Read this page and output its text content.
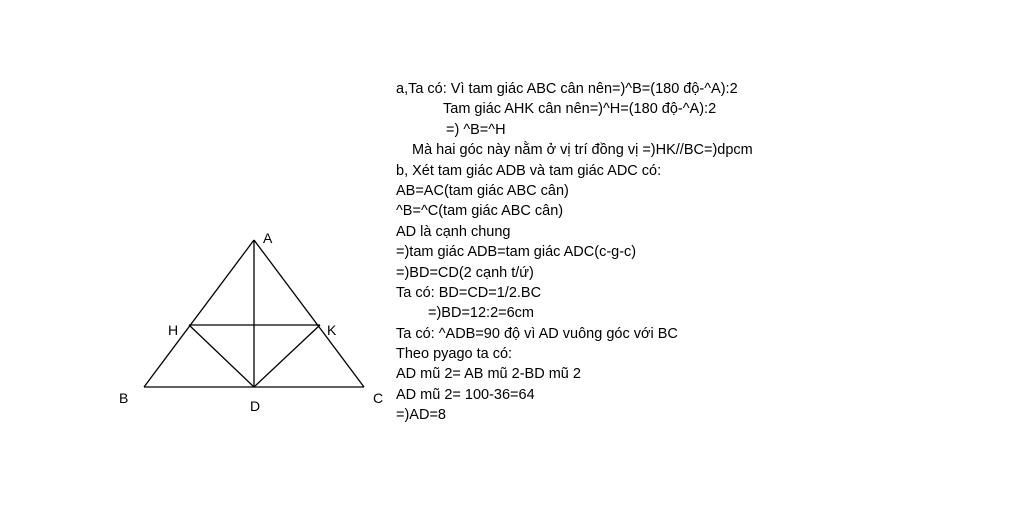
A
H	K
B	D	C
a,Ta có: Vì tam giác ABC cân nên=)^B=(180 độ-^A):2
Tam giác AHK cân nên=)^H=(180 độ-^A):2
=) ^B=^H
Mà hai góc này nằm ở vị trí đồng vị =)HK//BC=)dpcm
b, Xét tam giác ADB và tam giác ADC có:
AB=AC(tam giác ABC cân)
^B=^C(tam giác ABC cân)
AD là cạnh chung
=)tam giác ADB=tam giác ADC(c-g-c)
=)BD=CD(2 cạnh t/ứ)
Ta có: BD=CD=1/2.BC
=)BD=12:2=6cm
Ta có: ^ADB=90 độ vì AD vuông góc với BC
Theo pyago ta có:
AD mũ 2= AB mũ 2-BD mũ 2
AD mũ 2= 100-36=64
=)AD=8
